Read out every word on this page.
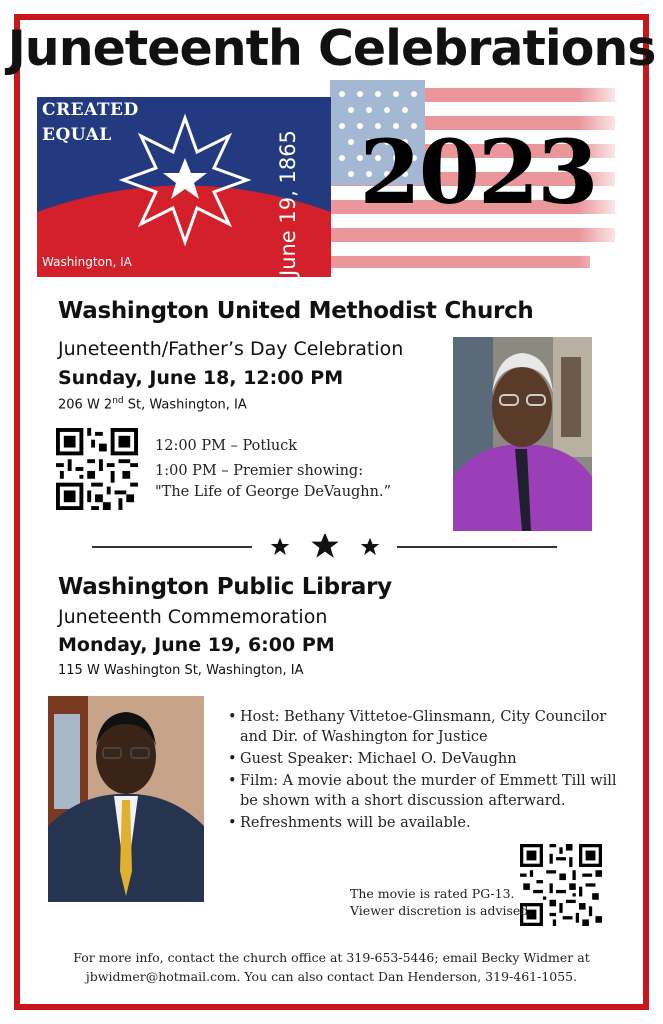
Juneteenth Celebrations
2023
CREATED
EQUAL	June 19, 1865
Washington, IA
Washington United Methodist Church
Juneteenth/Father’s Day Celebration
Sunday, June 18, 12:00 PM
206 W 2nd St, Washington, IA
12:00 PM – Potluck
1:00 PM – Premier showing:
"The Life of George DeVaughn.”
Washington Public Library
Juneteenth Commemoration
Monday, June 19, 6:00 PM
115 W Washington St, Washington, IA
• Host: Bethany Vittetoe-Glinsmann, City Councilor and Dir. of Washington for Justice
• Guest Speaker: Michael O. DeVaughn
• Film: A movie about the murder of Emmett Till will be shown with a short discussion afterward.
• Refreshments will be available.
The movie is rated PG-13.
Viewer discretion is advised.
For more info, contact the church office at 319-653-5446; email Becky Widmer at
jbwidmer@hotmail.com. You can also contact Dan Henderson, 319-461-1055.
